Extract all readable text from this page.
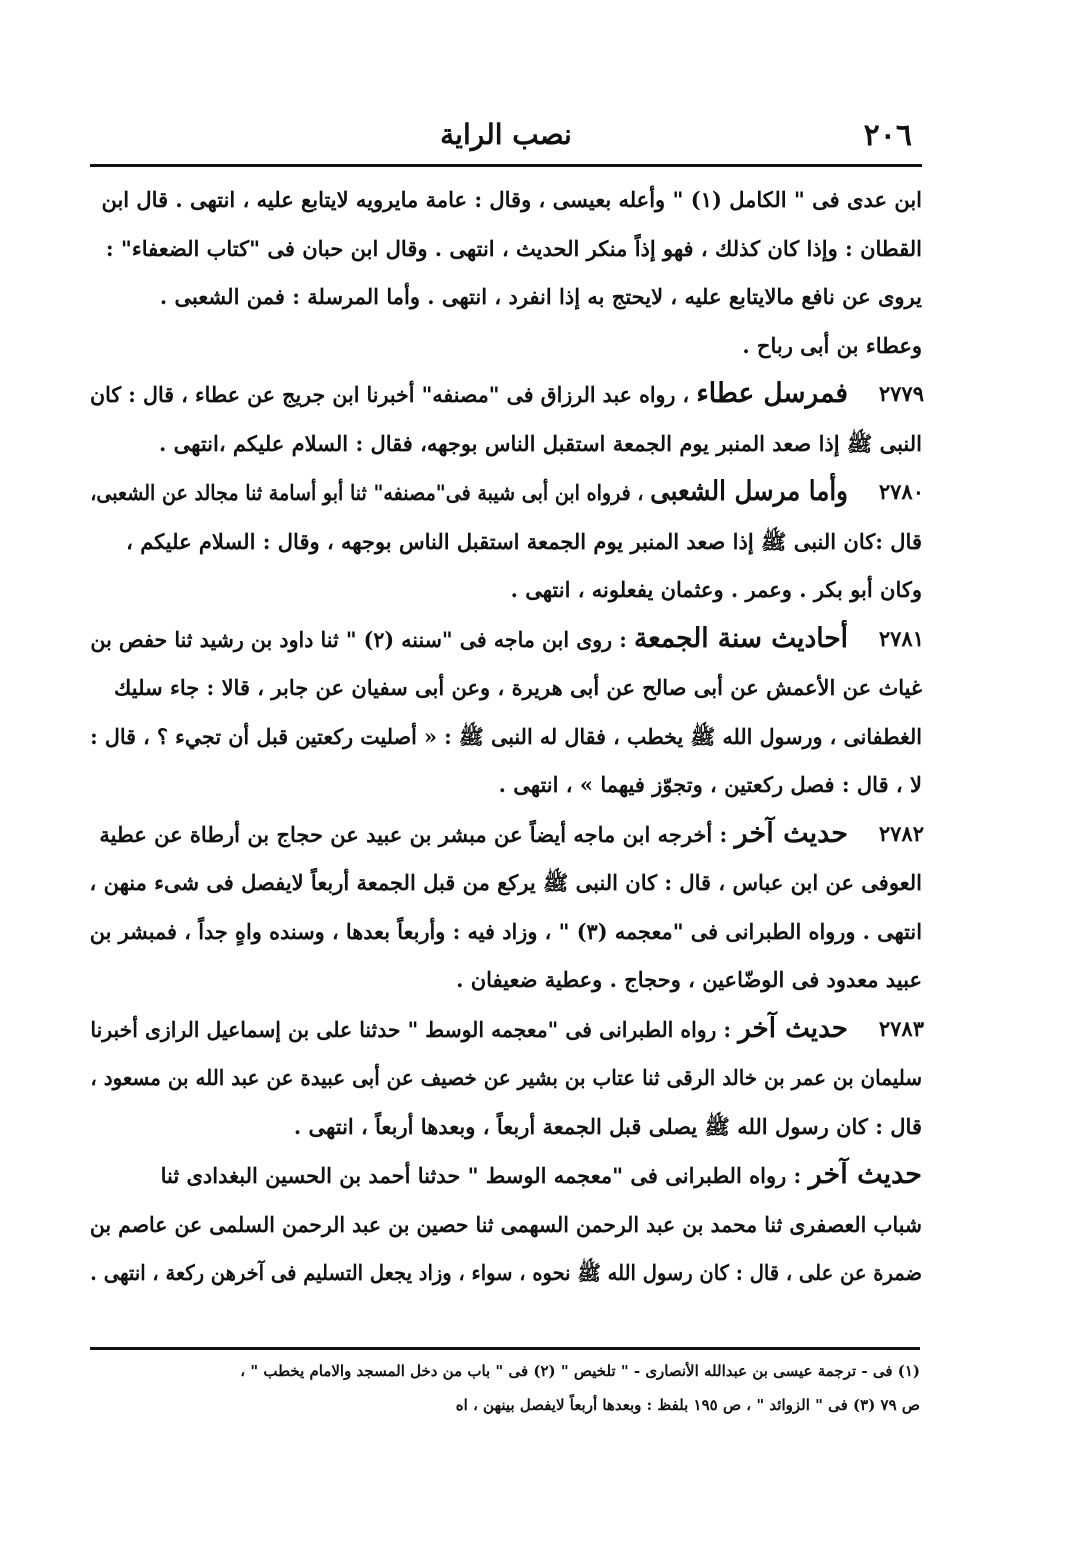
٢٠٦
نصب الراية
ابن عدى فى " الكامل (١) " وأعله بعيسى ، وقال : عامة مايرويه لايتابع عليه ، انتهى . قال ابن
القطان : وإذا كان كذلك ، فهو إذاً منكر الحديث ، انتهى . وقال ابن حبان فى "كتاب الضعفاء" :
يروى عن نافع مالايتابع عليه ، لايحتج به إذا انفرد ، انتهى . وأما المرسلة : فمن الشعبى .
وعطاء بن أبى رباح .
٢٧٧٩
فمرسل عطاء ، رواه عبد الرزاق فى "مصنفه" أخبرنا ابن جريج عن عطاء ، قال : كان
النبى ﷺ إذا صعد المنبر يوم الجمعة استقبل الناس بوجهه، فقال : السلام عليكم ،انتهى .
٢٧٨٠
وأما مرسل الشعبى ، فرواه ابن أبى شيبة فى"مصنفه" ثنا أبو أسامة ثنا مجالد عن الشعبى،
قال :كان النبى ﷺ إذا صعد المنبر يوم الجمعة استقبل الناس بوجهه ، وقال : السلام عليكم ،
وكان أبو بكر . وعمر . وعثمان يفعلونه ، انتهى .
٢٧٨١
أحاديث سنة الجمعة : روى ابن ماجه فى "سننه (٢) " ثنا داود بن رشيد ثنا حفص بن
غياث عن الأعمش عن أبى صالح عن أبى هريرة ، وعن أبى سفيان عن جابر ، قالا : جاء سليك
الغطفانى ، ورسول الله ﷺ يخطب ، فقال له النبى ﷺ : « أصليت ركعتين قبل أن تجيء ؟ ، قال :
لا ، قال : فصل ركعتين ، وتجوّز فيهما » ، انتهى .
٢٧٨٢
حديث آخر : أخرجه ابن ماجه أيضاً عن مبشر بن عبيد عن حجاج بن أرطاة عن عطية
العوفى عن ابن عباس ، قال : كان النبى ﷺ يركع من قبل الجمعة أربعاً لايفصل فى شىء منهن ،
انتهى . ورواه الطبرانى فى "معجمه (٣) " ، وزاد فيه : وأربعاً بعدها ، وسنده واهٍ جداً ، فمبشر بن
عبيد معدود فى الوضّاعين ، وحجاج . وعطية ضعيفان .
٢٧٨٣
حديث آخر : رواه الطبرانى فى "معجمه الوسط " حدثنا على بن إسماعيل الرازى أخبرنا
سليمان بن عمر بن خالد الرقى ثنا عتاب بن بشير عن خصيف عن أبى عبيدة عن عبد الله بن مسعود ،
قال : كان رسول الله ﷺ يصلى قبل الجمعة أربعاً ، وبعدها أربعاً ، انتهى .
حديث آخر : رواه الطبرانى فى "معجمه الوسط " حدثنا أحمد بن الحسين البغدادى ثنا
شباب العصفرى ثنا محمد بن عبد الرحمن السهمى ثنا حصين بن عبد الرحمن السلمى عن عاصم بن
ضمرة عن على ، قال : كان رسول الله ﷺ نحوه ، سواء ، وزاد يجعل التسليم فى آخرهن ركعة ، انتهى .
(١) فى - ترجمة عيسى بن عبدالله الأنصارى - " تلخيص " (٢) فى " باب من دخل المسجد والامام يخطب " ،
ص ٧٩ (٣) فى " الزوائد " ، ص ١٩٥ بلفظ : وبعدها أربعاً لايفصل بينهن ، اه
